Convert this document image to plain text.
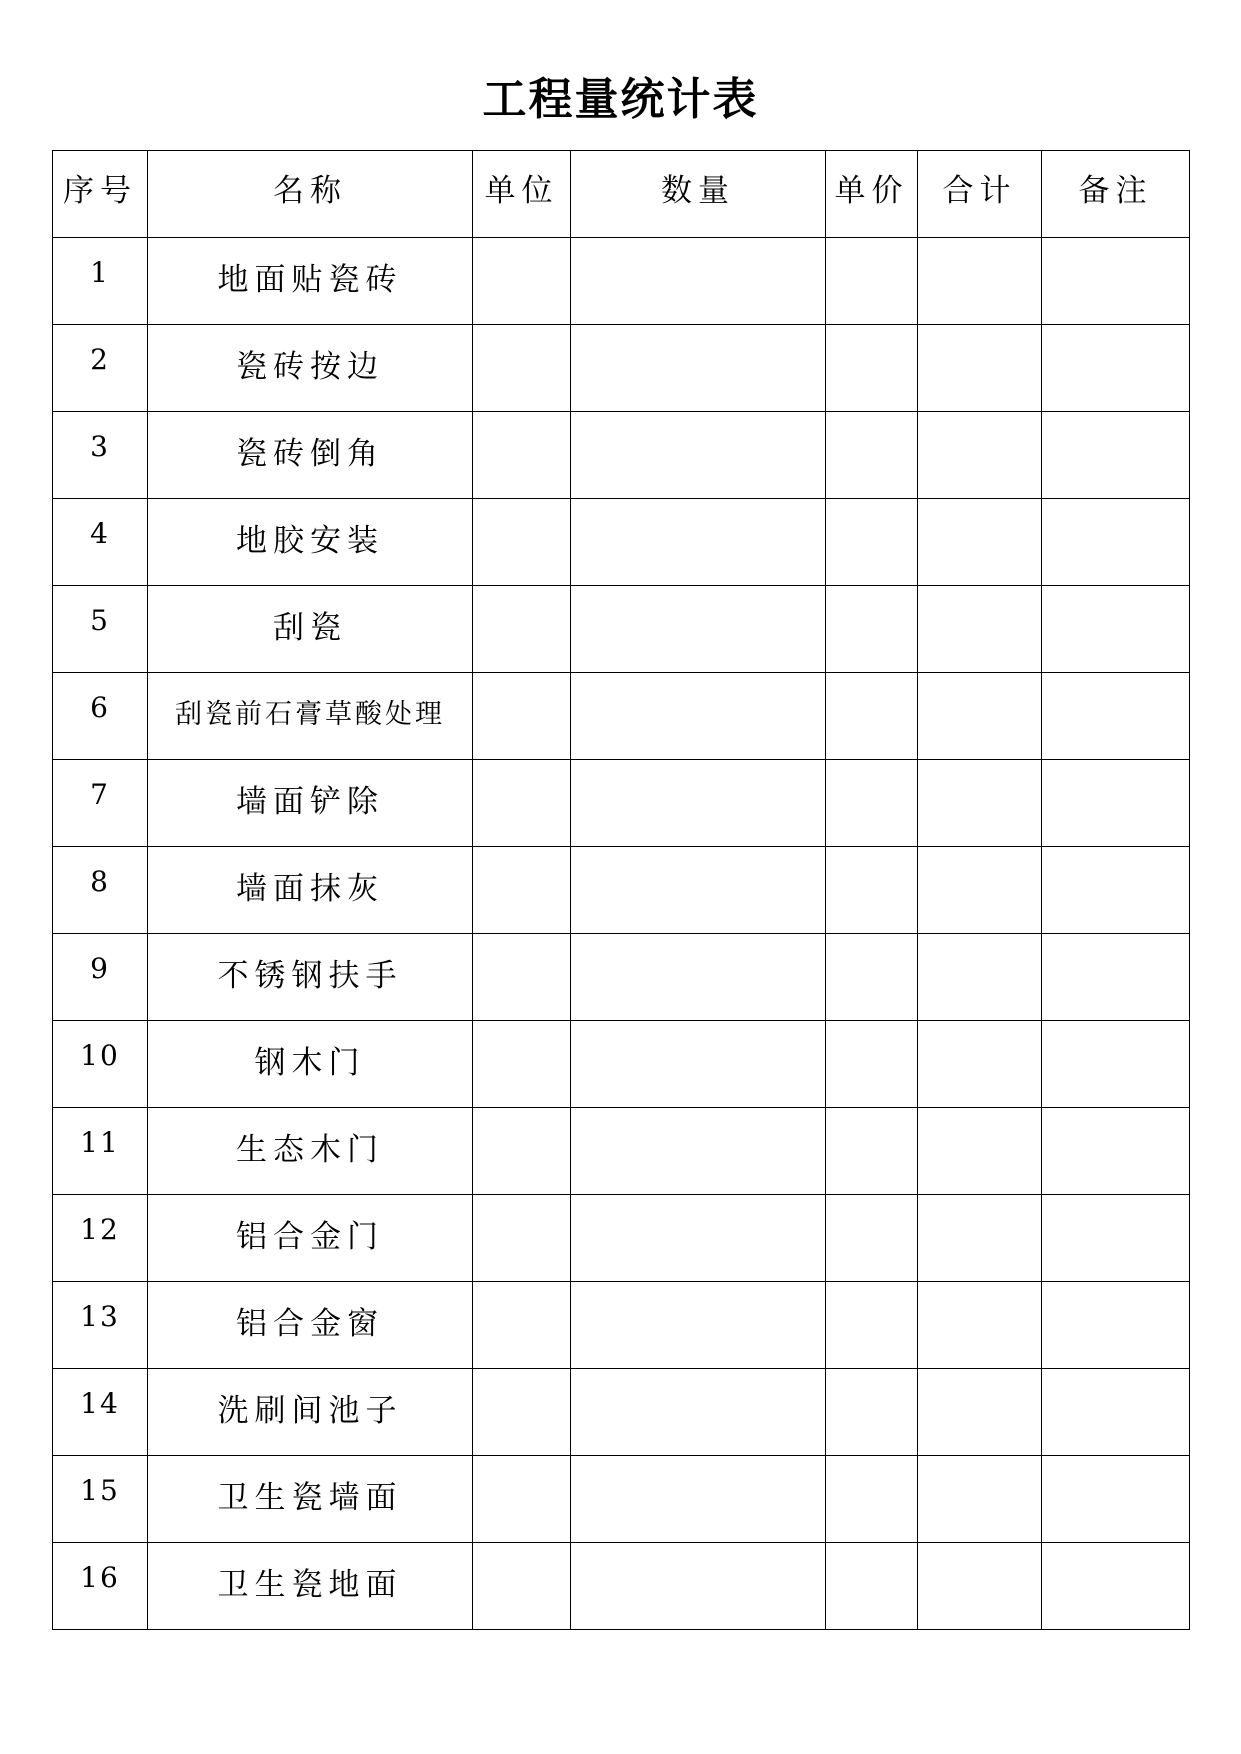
工程量统计表
序号	名称	单位	数量	单价	合计	备注
1	地面贴瓷砖					
2	瓷砖按边					
3	瓷砖倒角					
4	地胶安装					
5	刮瓷					
6	刮瓷前石膏草酸处理					
7	墙面铲除					
8	墙面抹灰					
9	不锈钢扶手					
10	钢木门					
11	生态木门					
12	铝合金门					
13	铝合金窗					
14	洗刷间池子					
15	卫生瓷墙面					
16	卫生瓷地面					
